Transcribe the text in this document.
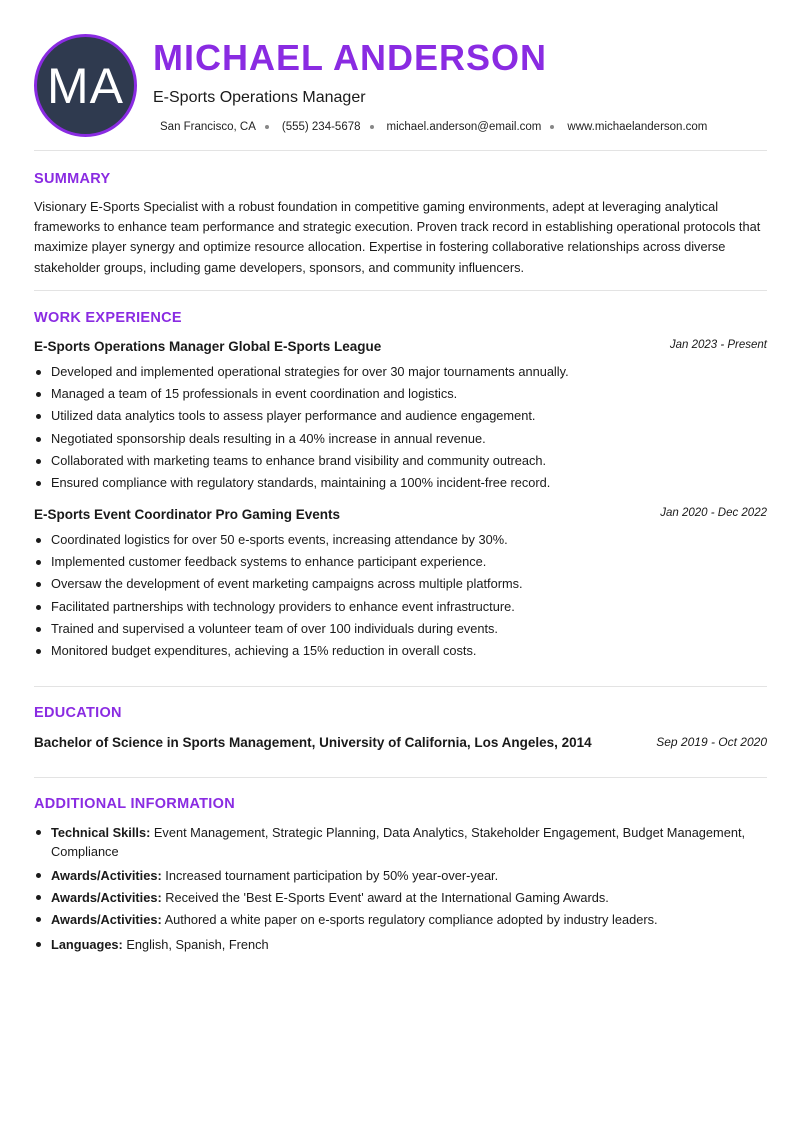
MA MICHAEL ANDERSON
E-Sports Operations Manager
San Francisco, CA (555) 234-5678 michael.anderson@email.com www.michaelanderson.com
SUMMARY
Visionary E-Sports Specialist with a robust foundation in competitive gaming environments, adept at leveraging analytical frameworks to enhance team performance and strategic execution. Proven track record in establishing operational protocols that maximize player synergy and optimize resource allocation. Expertise in fostering collaborative relationships across diverse stakeholder groups, including game developers, sponsors, and community influencers.
WORK EXPERIENCE
E-Sports Operations Manager Global E-Sports League	Jan 2023 - Present
Developed and implemented operational strategies for over 30 major tournaments annually.
Managed a team of 15 professionals in event coordination and logistics.
Utilized data analytics tools to assess player performance and audience engagement.
Negotiated sponsorship deals resulting in a 40% increase in annual revenue.
Collaborated with marketing teams to enhance brand visibility and community outreach.
Ensured compliance with regulatory standards, maintaining a 100% incident-free record.
E-Sports Event Coordinator Pro Gaming Events	Jan 2020 - Dec 2022
Coordinated logistics for over 50 e-sports events, increasing attendance by 30%.
Implemented customer feedback systems to enhance participant experience.
Oversaw the development of event marketing campaigns across multiple platforms.
Facilitated partnerships with technology providers to enhance event infrastructure.
Trained and supervised a volunteer team of over 100 individuals during events.
Monitored budget expenditures, achieving a 15% reduction in overall costs.
EDUCATION
Bachelor of Science in Sports Management, University of California, Los Angeles, 2014	Sep 2019 - Oct 2020
ADDITIONAL INFORMATION
Technical Skills: Event Management, Strategic Planning, Data Analytics, Stakeholder Engagement, Budget Management, Compliance
Awards/Activities: Increased tournament participation by 50% year-over-year.
Awards/Activities: Received the 'Best E-Sports Event' award at the International Gaming Awards.
Awards/Activities: Authored a white paper on e-sports regulatory compliance adopted by industry leaders.
Languages: English, Spanish, French
